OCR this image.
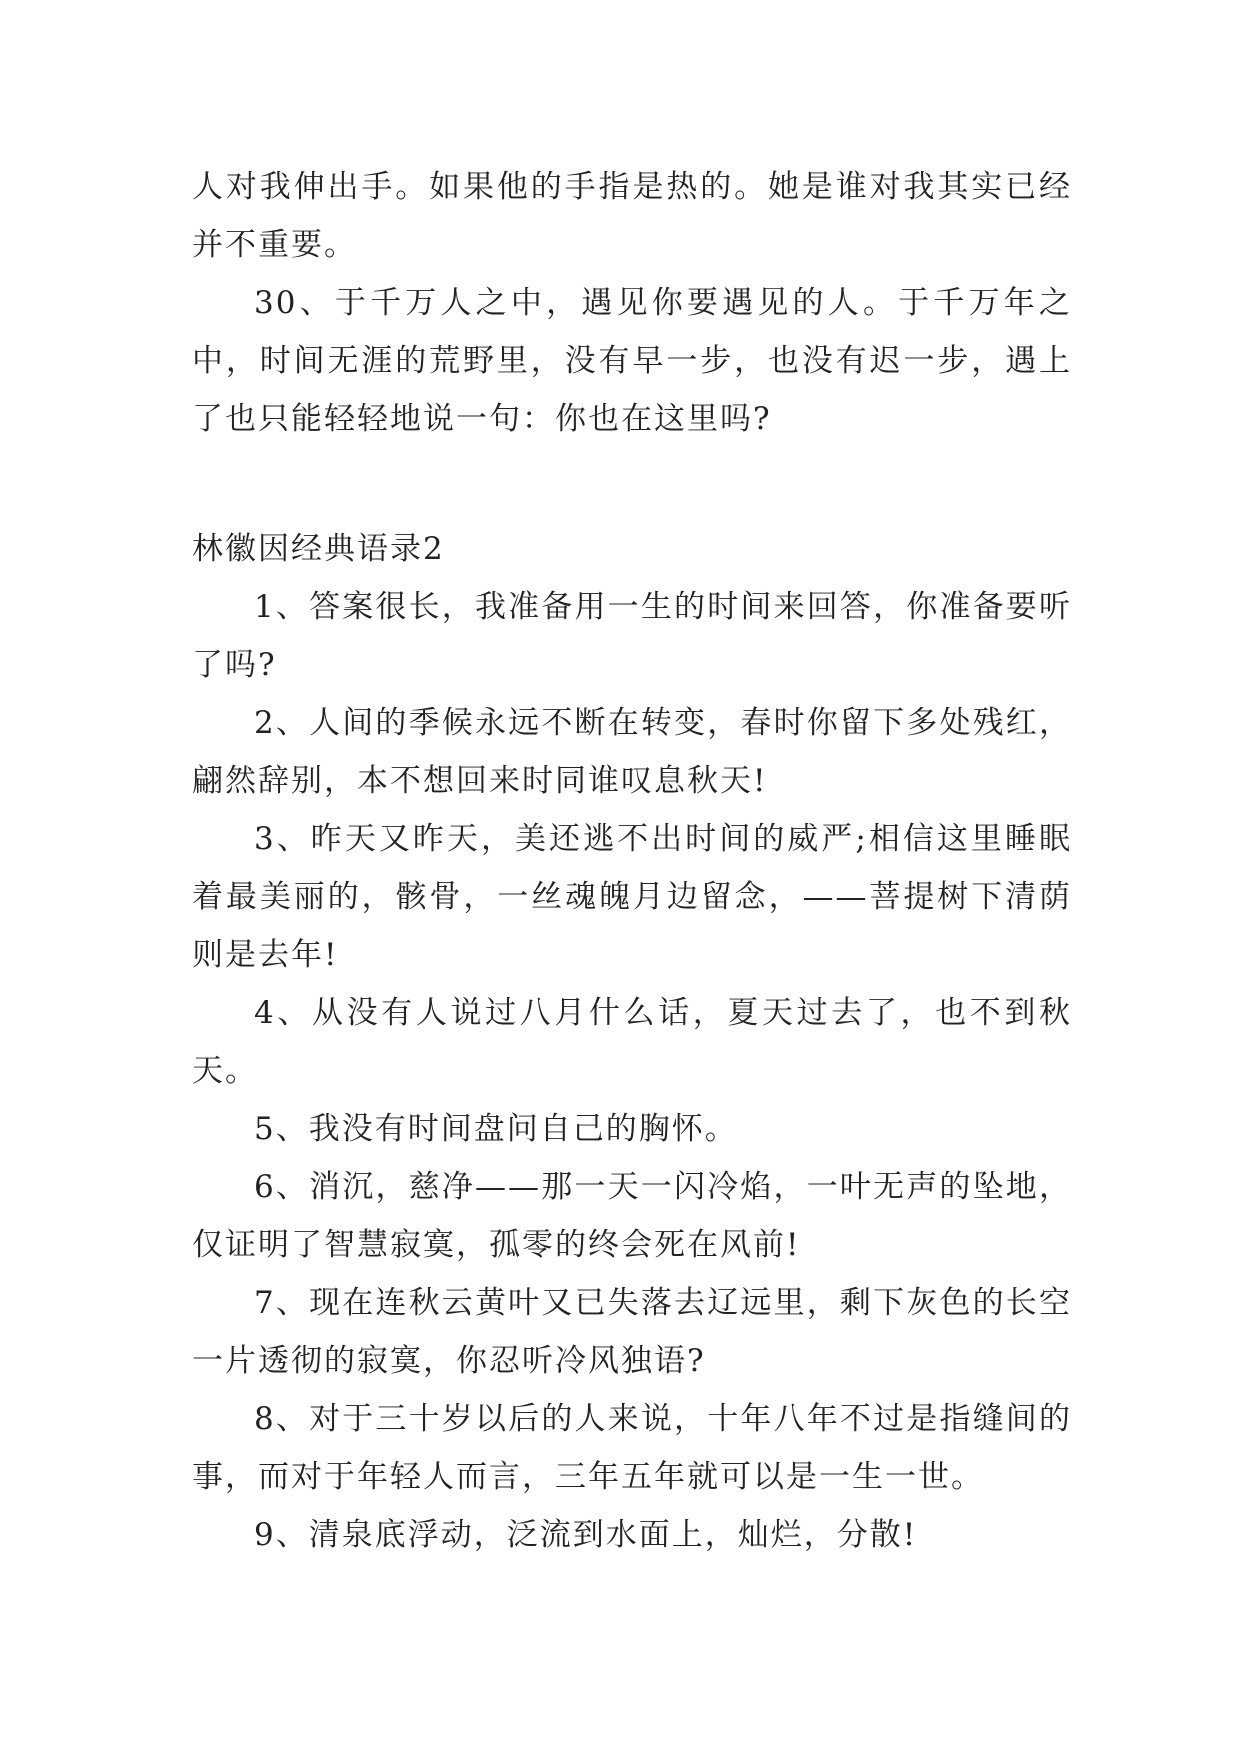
人对我伸出手。如果他的手指是热的。她是谁对我其实已经并不重要。

30、于千万人之中，遇见你要遇见的人。于千万年之中，时间无涯的荒野里，没有早一步，也没有迟一步，遇上了也只能轻轻地说一句：你也在这里吗?

林徽因经典语录2

1、答案很长，我准备用一生的时间来回答，你准备要听了吗?

2、人间的季候永远不断在转变，春时你留下多处残红，翩然辞别，本不想回来时同谁叹息秋天!

3、昨天又昨天，美还逃不出时间的威严;相信这里睡眠着最美丽的，骸骨，一丝魂魄月边留念，——菩提树下清荫则是去年!

4、从没有人说过八月什么话，夏天过去了，也不到秋天。

5、我没有时间盘问自己的胸怀。

6、消沉，慈净——那一天一闪冷焰，一叶无声的坠地，仅证明了智慧寂寞，孤零的终会死在风前!

7、现在连秋云黄叶又已失落去辽远里，剩下灰色的长空一片透彻的寂寞，你忍听冷风独语?

8、对于三十岁以后的人来说，十年八年不过是指缝间的事，而对于年轻人而言，三年五年就可以是一生一世。

9、清泉底浮动，泛流到水面上，灿烂，分散!
